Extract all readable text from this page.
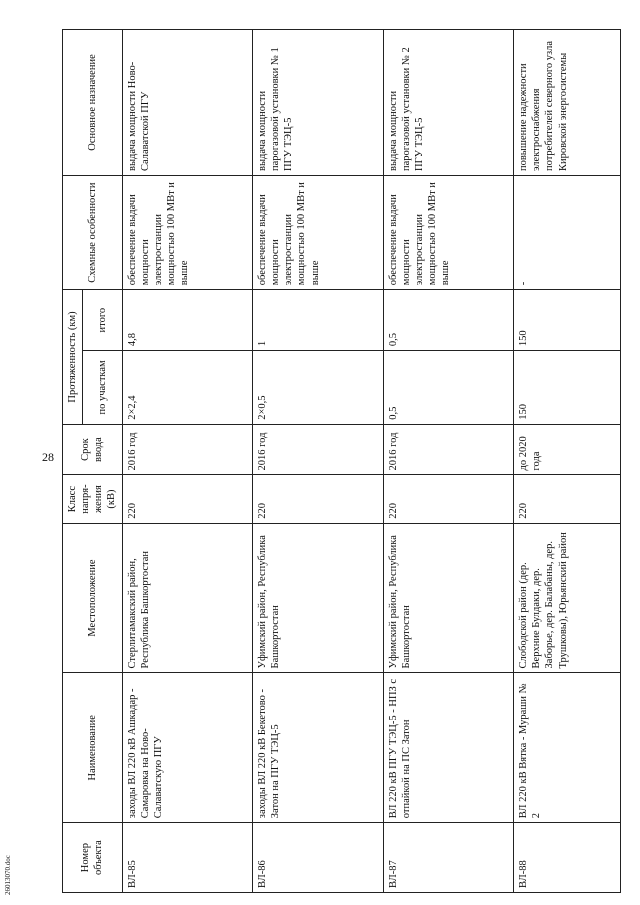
28
26013070.doc	Номер объекта	Наименование	Местоположение	Класс напря-жения (кВ)	Срок ввода	Протяженность (км)		Схемные особенности	Основное назначение
					по участкам	итого		
ВЛ-85	заходы ВЛ 220 кВ Ашкадар - Самаровка на Ново-Салаватскую ПГУ	Стерлитамакский район, Республика Башкортостан	220	2016 год	2×2,4	4,8	обеспечение выдачи мощности электростанции мощностью 100 МВт и выше	выдача мощности Ново-Салаватской ПГУ
ВЛ-86	заходы ВЛ 220 кВ Бекетово - Затон на ПГУ ТЭЦ-5	Уфимский район, Республика Башкортостан	220	2016 год	2×0,5	1	обеспечение выдачи мощности электростанции мощностью 100 МВт и выше	выдача мощности парогазовой установки № 1 ПГУ ТЭЦ-5
ВЛ-87	ВЛ 220 кВ ПГУ ТЭЦ-5 - НПЗ с отпайкой на ПС Затон	Уфимский район, Республика Башкортостан	220	2016 год	0,5	0,5	обеспечение выдачи мощности электростанции мощностью 100 МВт и выше	выдача мощности парогазовой установки № 2 ПГУ ТЭЦ-5
ВЛ-88	ВЛ 220 кВ Вятка - Мураши № 2	Слободской район (дер. Верхние Булдаки, дер. Заборье, дер. Балабаны, дер. Трушковы), Юрьянский район	220	до 2020 года	150	150	-	повышение надежности электроснабжения потребителей северного узла Кировской энергосистемы
